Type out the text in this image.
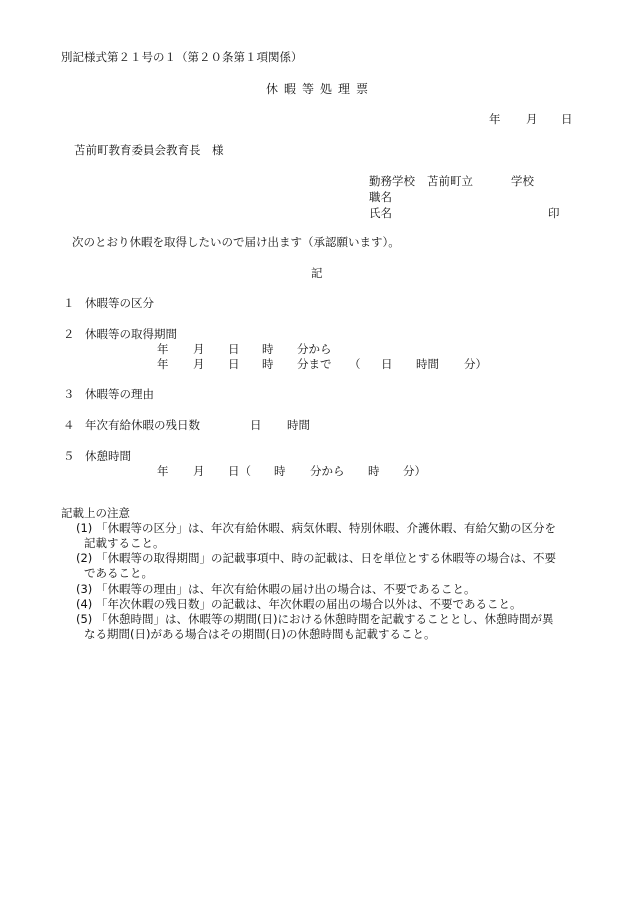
別記様式第２１号の１（第２０条第１項関係）
休暇等処理票
年 月 日
苫前町教育委員会教育長　様
勤務学校 苫前町立	学校
職名
氏名	印
次のとおり休暇を取得したいので届け出ます（承認願います）。
記
１ 休暇等の区分
２ 休暇等の取得期間
年 月 日 時 分から
年 月 日 時 分まで （ 日 時間 分）
３ 休暇等の理由
４ 年次有給休暇の残日数	日 時間
５ 休憩時間
年 月 日（ 時 分から 時 分）
記載上の注意
(1) 「休暇等の区分」は、年次有給休暇、病気休暇、特別休暇、介護休暇、有給欠勤の区分を
記載すること。
(2) 「休暇等の取得期間」の記載事項中、時の記載は、日を単位とする休暇等の場合は、不要
であること。
(3) 「休暇等の理由」は、年次有給休暇の届け出の場合は、不要であること。
(4) 「年次休暇の残日数」の記載は、年次休暇の届出の場合以外は、不要であること。
(5) 「休憩時間」は、休暇等の期間(日)における休憩時間を記載することとし、休憩時間が異
なる期間(日)がある場合はその期間(日)の休憩時間も記載すること。
